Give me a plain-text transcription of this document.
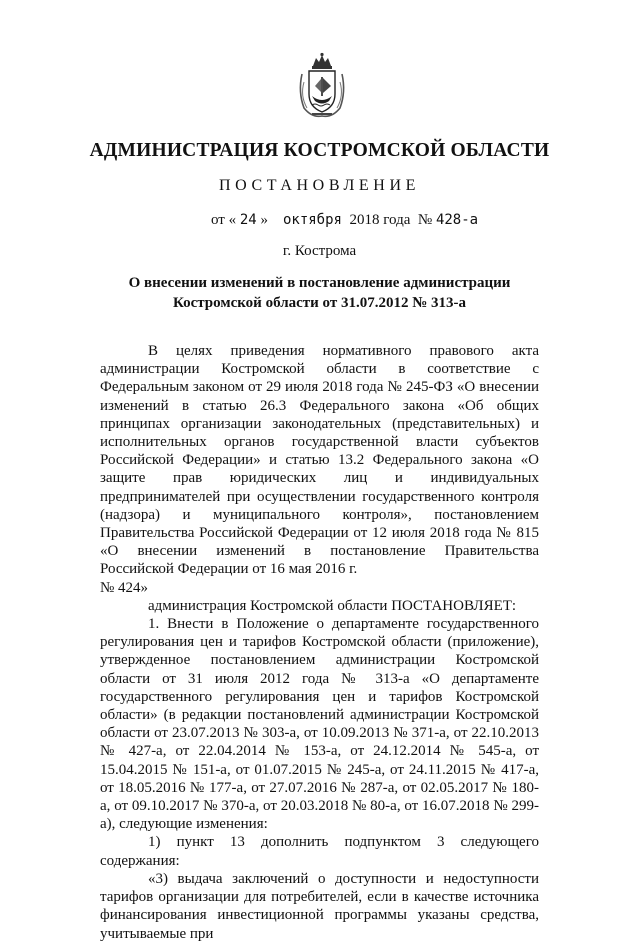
АДМИНИСТРАЦИЯ КОСТРОМСКОЙ ОБЛАСТИ
ПОСТАНОВЛЕНИЕ
от « 24 » октября 2018 года  № 428-а
г. Кострома
О внесении изменений в постановление администрации Костромской области от 31.07.2012 № 313-а

В целях приведения нормативного правового акта администрации Костромской области в соответствие с Федеральным законом от 29 июля 2018 года № 245-ФЗ «О внесении изменений в статью 26.3 Федерального закона «Об общих принципах организации законодательных (представительных) и исполнительных органов государственной власти субъектов Российской Федерации» и статью 13.2 Федерального закона «О защите прав юридических лиц и индивидуальных предпринимателей при осуществлении государственного контроля (надзора) и муниципального контроля», постановлением Правительства Российской Федерации от 12 июля 2018 года № 815 «О внесении изменений в постановление Правительства Российской Федерации от 16 мая 2016 г.
№ 424»

администрация Костромской области ПОСТАНОВЛЯЕТ:

1. Внести в Положение о департаменте государственного регулирования цен и тарифов Костромской области (приложение), утвержденное постановлением администрации Костромской области от 31 июля 2012 года № 313-а «О департаменте государственного регулирования цен и тарифов Костромской области» (в редакции постановлений администрации Костромской области от 23.07.2013 № 303-а, от 10.09.2013 № 371-а, от 22.10.2013 № 427-а, от 22.04.2014 № 153-а, от 24.12.2014 № 545-а, от 15.04.2015 № 151-а, от 01.07.2015 № 245-а, от 24.11.2015 № 417-а, от 18.05.2016 № 177-а, от 27.07.2016 № 287-а, от 02.05.2017 № 180-а, от 09.10.2017 № 370-а, от 20.03.2018 № 80-а, от 16.07.2018 № 299-а), следующие изменения:

1) пункт 13 дополнить подпунктом 3 следующего содержания:

«3) выдача заключений о доступности и недоступности тарифов организации для потребителей, если в качестве источника финансирования инвестиционной программы указаны средства, учитываемые при
